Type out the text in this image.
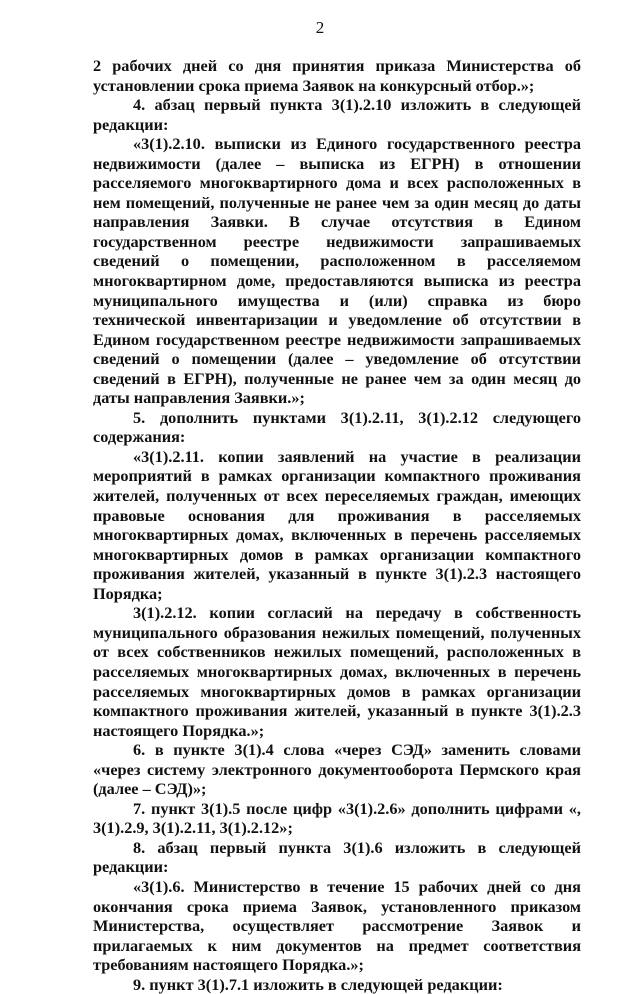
2

2 рабочих дней со дня принятия приказа Министерства об установлении срока приема Заявок на конкурсный отбор.»;

4. абзац первый пункта 3(1).2.10 изложить в следующей редакции:

«3(1).2.10. выписки из Единого государственного реестра недвижимости (далее – выписка из ЕГРН) в отношении расселяемого многоквартирного дома и всех расположенных в нем помещений, полученные не ранее чем за один месяц до даты направления Заявки. В случае отсутствия в Едином государственном реестре недвижимости запрашиваемых сведений о помещении, расположенном в расселяемом многоквартирном доме, предоставляются выписка из реестра муниципального имущества и (или) справка из бюро технической инвентаризации и уведомление об отсутствии в Едином государственном реестре недвижимости запрашиваемых сведений о помещении (далее – уведомление об отсутствии сведений в ЕГРН), полученные не ранее чем за один месяц до даты направления Заявки.»;

5. дополнить пунктами 3(1).2.11, 3(1).2.12 следующего содержания:

«3(1).2.11. копии заявлений на участие в реализации мероприятий в рамках организации компактного проживания жителей, полученных от всех переселяемых граждан, имеющих правовые основания для проживания в расселяемых многоквартирных домах, включенных в перечень расселяемых многоквартирных домов в рамках организации компактного проживания жителей, указанный в пункте 3(1).2.3 настоящего Порядка;

3(1).2.12. копии согласий на передачу в собственность муниципального образования нежилых помещений, полученных от всех собственников нежилых помещений, расположенных в расселяемых многоквартирных домах, включенных в перечень расселяемых многоквартирных домов в рамках организации компактного проживания жителей, указанный в пункте 3(1).2.3 настоящего Порядка.»;

6. в пункте 3(1).4 слова «через СЭД» заменить словами «через систему электронного документооборота Пермского края (далее – СЭД)»;

7. пункт 3(1).5 после цифр «3(1).2.6» дополнить цифрами «, 3(1).2.9, 3(1).2.11, 3(1).2.12»;

8. абзац первый пункта 3(1).6 изложить в следующей редакции:

«3(1).6. Министерство в течение 15 рабочих дней со дня окончания срока приема Заявок, установленного приказом Министерства, осуществляет рассмотрение Заявок и прилагаемых к ним документов на предмет соответствия требованиям настоящего Порядка.»;

9. пункт 3(1).7.1 изложить в следующей редакции:
